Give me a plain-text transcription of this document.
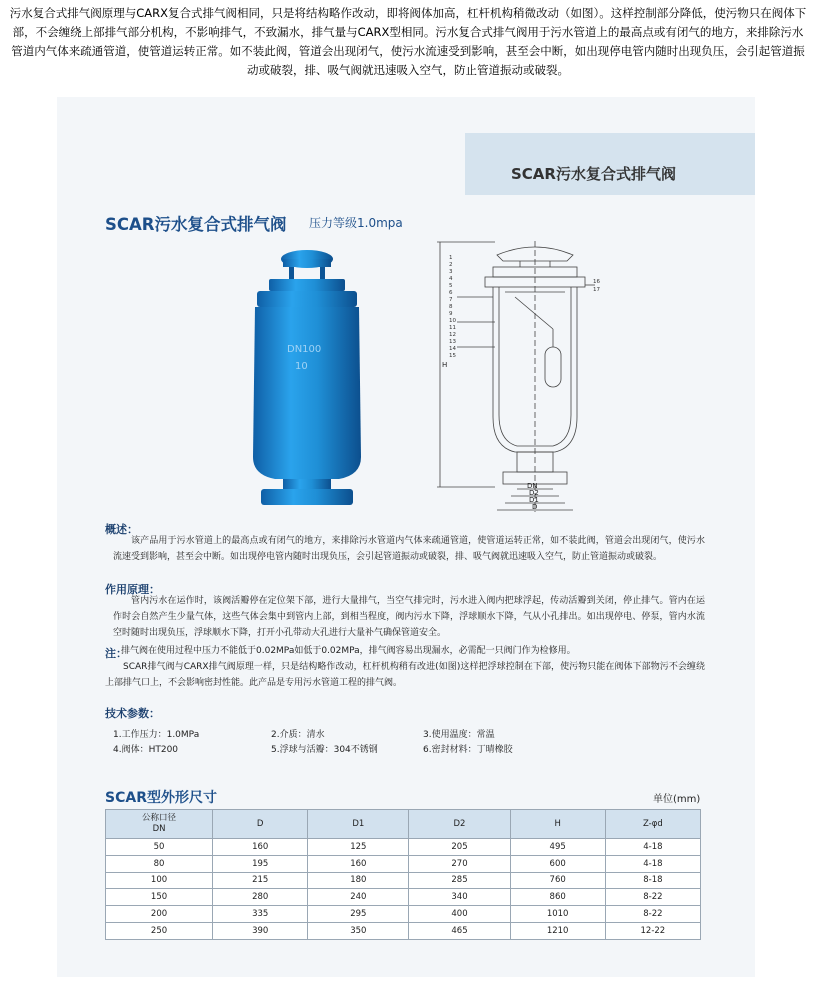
污水复合式排气阀原理与CARX复合式排气阀相同，只是将结构略作改动，即将阀体加高，杠杆机构稍微改动（如图）。这样控制部分降低，使污物只在阀体下部，不会缠绕上部排气部分机构，不影响排气，不致漏水，排气量与CARX型相同。污水复合式排气阀用于污水管道上的最高点或有闭气的地方，来排除污水管道内气体来疏通管道，使管道运转正常。如不装此阀，管道会出现闭气，使污水流速受到影响，甚至会中断，如出现停电管内随时出现负压，会引起管道振动或破裂，排、吸气阀就迅速吸入空气，防止管道振动或破裂。
SCAR污水复合式排气阀
SCAR污水复合式排气阀 压力等级1.0mpa
DN100
10
1
2
3
4
5
6
7
8
9
10
11
12
13
14
15
16
17
H
DN
D2
D1
D
概述：
该产品用于污水管道上的最高点或有闭气的地方，来排除污水管道内气体来疏通管道，使管道运转正常，如不装此阀，管道会出现闭气，使污水流速受到影响，甚至会中断。如出现停电管内随时出现负压，会引起管道振动或破裂，排、吸气阀就迅速吸入空气，防止管道振动或破裂。
作用原理：
管内污水在运作时，该阀活瓣停在定位架下部，进行大量排气，当空气排完时，污水进入阀内把球浮起，传动活瓣到关闭，停止排气。管内在运作时会自然产生少量气体，这些气体会集中到管内上部，到相当程度，阀内污水下降，浮球顺水下降，气从小孔排出。如出现停电、停泵，管内水流空时随时出现负压，浮球顺水下降，打开小孔带动大孔进行大量补气确保管道安全。
注：
排气阀在使用过程中压力不能低于0.02MPa如低于0.02MPa，排气阀容易出现漏水，必需配一只阀门作为检修用。
SCAR排气阀与CARX排气阀原理一样，只是结构略作改动，杠杆机构稍有改进(如图)这样把浮球控制在下部，使污物只能在阀体下部物污不会缠绕上部排气口上，不会影响密封性能。此产品是专用污水管道工程的排气阀。
技术参数：
1.工作压力：1.0MPa	2.介质：清水	3.使用温度：常温
4.阀体：HT200	5.浮球与活瓣：304不锈钢	6.密封材料：丁晴橡胶
SCAR型外形尺寸	单位(mm)
公称口径
DN	D	D1	D2	H	Z-φd
50	160	125	205	495	4-18
80	195	160	270	600	4-18
100	215	180	285	760	8-18
150	280	240	340	860	8-22
200	335	295	400	1010	8-22
250	390	350	465	1210	12-22
